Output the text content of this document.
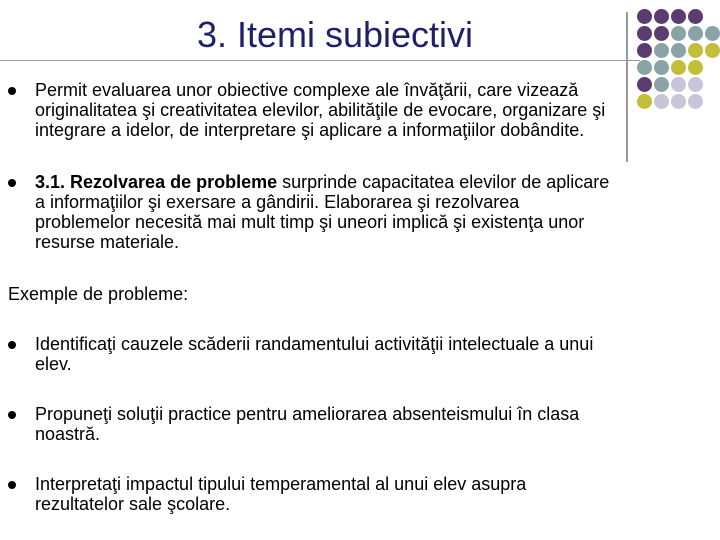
3. Itemi subiectivi
Permit evaluarea unor obiective complexe ale învăţării, care vizează
originalitatea şi creativitatea elevilor, abilităţile de evocare, organizare şi
integrare a idelor, de interpretare şi aplicare a informaţiilor dobândite.
3.1. Rezolvarea de probleme surprinde capacitatea elevilor de aplicare
a informaţiilor şi exersare a gândirii. Elaborarea şi rezolvarea
problemelor necesită mai mult timp şi uneori implică şi existenţa unor
resurse materiale.
Exemple de probleme:
Identificaţi cauzele scăderii randamentului activităţii intelectuale a unui
elev.
Propuneţi soluţii practice pentru ameliorarea absenteismului în clasa
noastră.
Interpretaţi impactul tipului temperamental al unui elev asupra
rezultatelor sale şcolare.
